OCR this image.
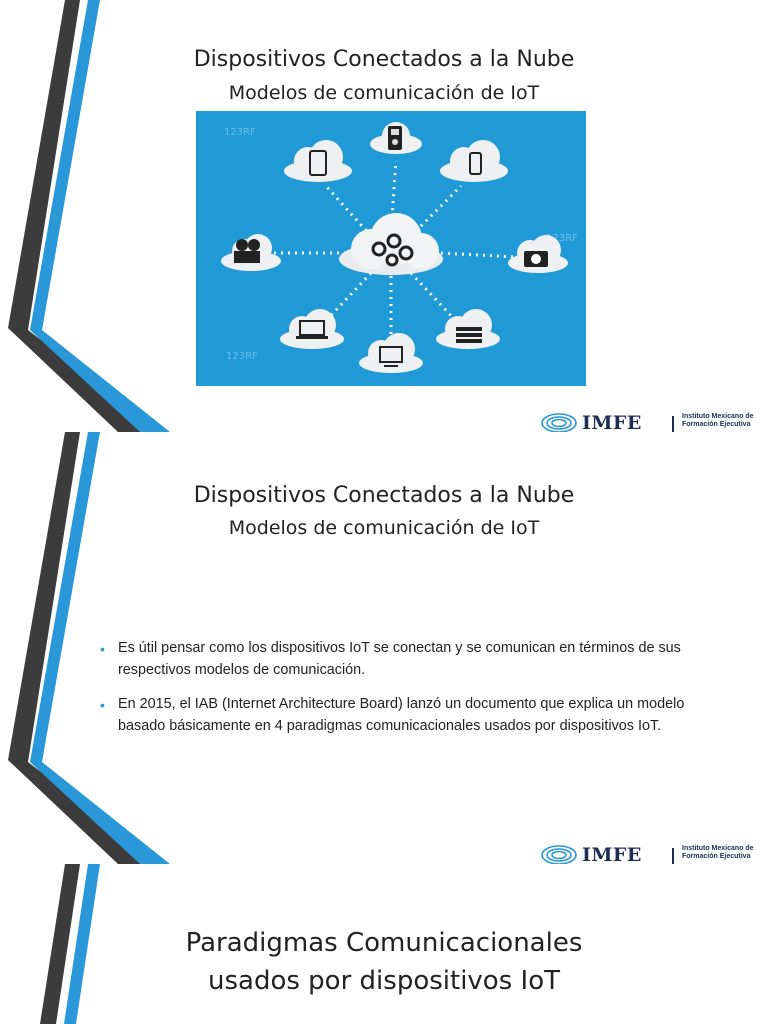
Dispositivos Conectados a la Nube
Modelos de comunicación de IoT
123RF
123RF
123RF
IMFE	Instituto Mexicano de
Formación Ejecutiva
Dispositivos Conectados a la Nube
Modelos de comunicación de IoT
IMFE	Instituto Mexicano de
Formación Ejecutiva
• Es útil pensar como los dispositivos IoT se conectan y se comunican en términos de sus respectivos modelos de comunicación.
• En 2015, el IAB (Internet Architecture Board) lanzó un documento que explica un modelo basado básicamente en 4 paradigmas comunicacionales usados por dispositivos IoT.
Paradigmas Comunicacionales
usados por dispositivos IoT
